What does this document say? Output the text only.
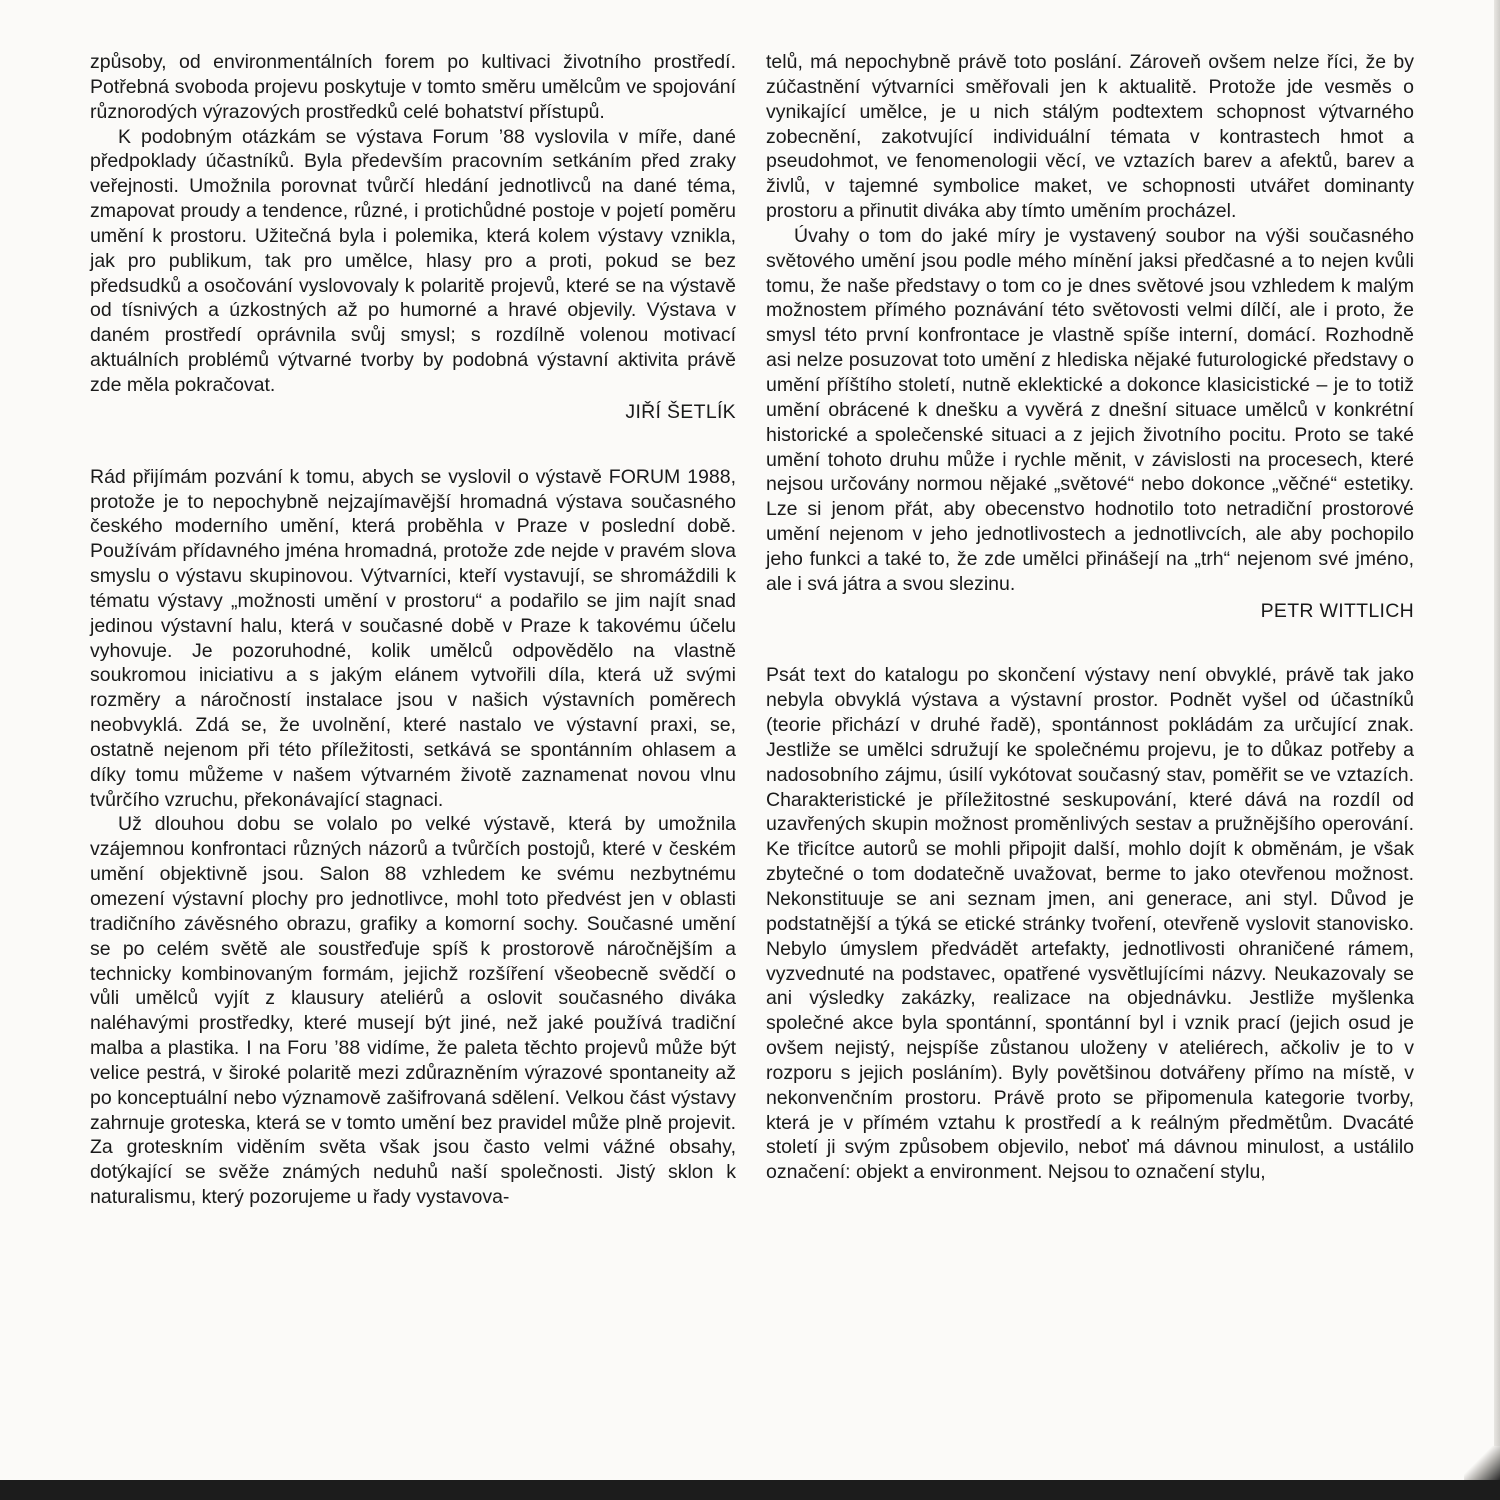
způsoby, od environmentálních forem po kultivaci životního prostředí. Potřebná svoboda projevu poskytuje v tomto směru umělcům ve spojování různorodých výrazových prostředků celé bohatství přístupů.

K podobným otázkám se výstava Forum ’88 vyslovila v míře, dané předpoklady účastníků. Byla především pracovním setkáním před zraky veřejnosti. Umožnila porovnat tvůrčí hledání jednotlivců na dané téma, zmapovat proudy a tendence, různé, i protichůdné postoje v pojetí poměru umění k prostoru. Užitečná byla i polemika, která kolem výstavy vznikla, jak pro publikum, tak pro umělce, hlasy pro a proti, pokud se bez předsudků a osočování vyslovovaly k polaritě projevů, které se na výstavě od tísnivých a úzkostných až po humorné a hravé objevily. Výstava v daném prostředí oprávnila svůj smysl; s rozdílně volenou motivací aktuálních problémů výtvarné tvorby by podobná výstavní aktivita právě zde měla pokračovat.

JIŘÍ ŠETLÍK

Rád přijímám pozvání k tomu, abych se vyslovil o výstavě FORUM 1988, protože je to nepochybně nejzajímavější hromadná výstava současného českého moderního umění, která proběhla v Praze v poslední době. Používám přídavného jména hromadná, protože zde nejde v pravém slova smyslu o výstavu skupinovou. Výtvarníci, kteří vystavují, se shromáždili k tématu výstavy „možnosti umění v prostoru“ a podařilo se jim najít snad jedinou výstavní halu, která v současné době v Praze k takovému účelu vyhovuje. Je pozoruhodné, kolik umělců odpovědělo na vlastně soukromou iniciativu a s jakým elánem vytvořili díla, která už svými rozměry a náročností instalace jsou v našich výstavních poměrech neobvyklá. Zdá se, že uvolnění, které nastalo ve výstavní praxi, se, ostatně nejenom při této příležitosti, setkává se spontánním ohlasem a díky tomu můžeme v našem výtvarném životě zaznamenat novou vlnu tvůrčího vzruchu, překonávající stagnaci.

Už dlouhou dobu se volalo po velké výstavě, která by umožnila vzájemnou konfrontaci různých názorů a tvůrčích postojů, které v českém umění objektivně jsou. Salon 88 vzhledem ke svému nezbytnému omezení výstavní plochy pro jednotlivce, mohl toto předvést jen v oblasti tradičního závěsného obrazu, grafiky a komorní sochy. Současné umění se po celém světě ale soustřeďuje spíš k prostorově náročnějším a technicky kombinovaným formám, jejichž rozšíření všeobecně svědčí o vůli umělců vyjít z klausury ateliérů a oslovit současného diváka naléhavými prostředky, které musejí být jiné, než jaké používá tradiční malba a plastika. I na Foru ’88 vidíme, že paleta těchto projevů může být velice pestrá, v široké polaritě mezi zdůrazněním výrazové spontaneity až po konceptuální nebo významově zašifrovaná sdělení. Velkou část výstavy zahrnuje groteska, která se v tomto umění bez pravidel může plně projevit. Za groteskním viděním světa však jsou často velmi vážné obsahy, dotýkající se svěže známých neduhů naší společnosti. Jistý sklon k naturalismu, který pozorujeme u řady vystavova-

telů, má nepochybně právě toto poslání. Zároveň ovšem nelze říci, že by zúčastnění výtvarníci směřovali jen k aktualitě. Protože jde vesměs o vynikající umělce, je u nich stálým podtextem schopnost výtvarného zobecnění, zakotvující individuální témata v kontrastech hmot a pseudohmot, ve fenomenologii věcí, ve vztazích barev a afektů, barev a živlů, v tajemné symbolice maket, ve schopnosti utvářet dominanty prostoru a přinutit diváka aby tímto uměním procházel.

Úvahy o tom do jaké míry je vystavený soubor na výši současného světového umění jsou podle mého mínění jaksi předčasné a to nejen kvůli tomu, že naše představy o tom co je dnes světové jsou vzhledem k malým možnostem přímého poznávání této světovosti velmi dílčí, ale i proto, že smysl této první konfrontace je vlastně spíše interní, domácí. Rozhodně asi nelze posuzovat toto umění z hlediska nějaké futurologické představy o umění příštího století, nutně eklektické a dokonce klasicistické – je to totiž umění obrácené k dnešku a vyvěrá z dnešní situace umělců v konkrétní historické a společenské situaci a z jejich životního pocitu. Proto se také umění tohoto druhu může i rychle měnit, v závislosti na procesech, které nejsou určovány normou nějaké „světové“ nebo dokonce „věčné“ estetiky. Lze si jenom přát, aby obecenstvo hodnotilo toto netradiční prostorové umění nejenom v jeho jednotlivostech a jednotlivcích, ale aby pochopilo jeho funkci a také to, že zde umělci přinášejí na „trh“ nejenom své jméno, ale i svá játra a svou slezinu.

PETR WITTLICH

Psát text do katalogu po skončení výstavy není obvyklé, právě tak jako nebyla obvyklá výstava a výstavní prostor. Podnět vyšel od účastníků (teorie přichází v druhé řadě), spontánnost pokládám za určující znak. Jestliže se umělci sdružují ke společnému projevu, je to důkaz potřeby a nadosobního zájmu, úsilí vykótovat současný stav, poměřit se ve vztazích. Charakteristické je příležitostné seskupování, které dává na rozdíl od uzavřených skupin možnost proměnlivých sestav a pružnějšího operování. Ke třicítce autorů se mohli připojit další, mohlo dojít k obměnám, je však zbytečné o tom dodatečně uvažovat, berme to jako otevřenou možnost. Nekonstituuje se ani seznam jmen, ani generace, ani styl. Důvod je podstatnější a týká se etické stránky tvoření, otevřeně vyslovit stanovisko. Nebylo úmyslem předvádět artefakty, jednotlivosti ohraničené rámem, vyzvednuté na podstavec, opatřené vysvětlujícími názvy. Neukazovaly se ani výsledky zakázky, realizace na objednávku. Jestliže myšlenka společné akce byla spontánní, spontánní byl i vznik prací (jejich osud je ovšem nejistý, nejspíše zůstanou uloženy v ateliérech, ačkoliv je to v rozporu s jejich posláním). Byly povětšinou dotvářeny přímo na místě, v nekonvenčním prostoru. Právě proto se připomenula kategorie tvorby, která je v přímém vztahu k prostředí a k reálným předmětům. Dvacáté století ji svým způsobem objevilo, neboť má dávnou minulost, a ustálilo označení: objekt a environment. Nejsou to označení stylu,
